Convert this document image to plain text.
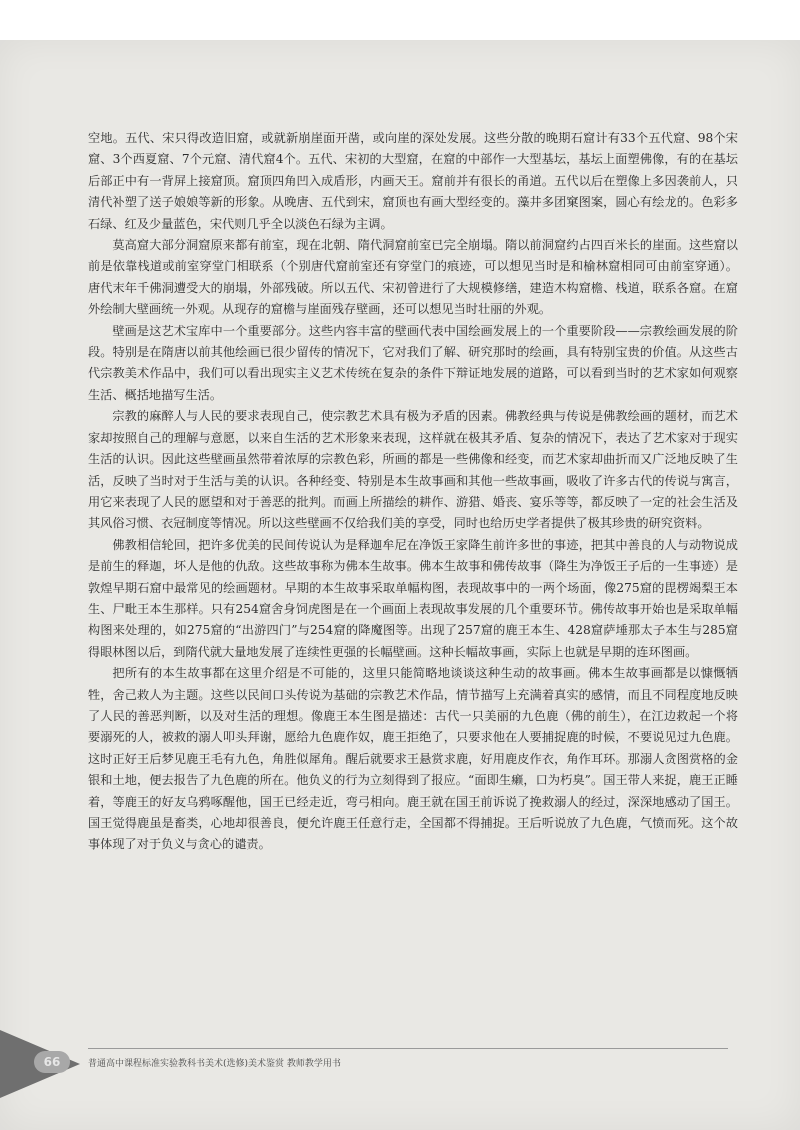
空地。五代、宋只得改造旧窟，或就新崩崖面开凿，或向崖的深处发展。这些分散的晚期石窟计有33个五代窟、98个宋窟、3个西夏窟、7个元窟、清代窟4个。五代、宋初的大型窟，在窟的中部作一大型基坛，基坛上面塑佛像，有的在基坛后部正中有一背屏上接窟顶。窟顶四角凹入成盾形，内画天王。窟前并有很长的甬道。五代以后在塑像上多因袭前人，只清代补塑了送子娘娘等新的形象。从晚唐、五代到宋，窟顶也有画大型经变的。藻井多团窠图案，圆心有绘龙的。色彩多石绿、红及少量蓝色，宋代则几乎全以淡色石绿为主调。

莫高窟大部分洞窟原来都有前室，现在北朝、隋代洞窟前室已完全崩塌。隋以前洞窟约占四百米长的崖面。这些窟以前是依靠栈道或前室穿堂门相联系（个别唐代窟前室还有穿堂门的痕迹，可以想见当时是和榆林窟相同可由前室穿通）。唐代末年千佛洞遭受大的崩塌，外部残破。所以五代、宋初曾进行了大规模修缮，建造木构窟檐、栈道，联系各窟。在窟外绘制大壁画统一外观。从现存的窟檐与崖面残存壁画，还可以想见当时壮丽的外观。

壁画是这艺术宝库中一个重要部分。这些内容丰富的壁画代表中国绘画发展上的一个重要阶段——宗教绘画发展的阶段。特别是在隋唐以前其他绘画已很少留传的情况下，它对我们了解、研究那时的绘画，具有特别宝贵的价值。从这些古代宗教美术作品中，我们可以看出现实主义艺术传统在复杂的条件下辩证地发展的道路，可以看到当时的艺术家如何观察生活、概括地描写生活。

宗教的麻醉人与人民的要求表现自己，使宗教艺术具有极为矛盾的因素。佛教经典与传说是佛教绘画的题材，而艺术家却按照自己的理解与意愿，以来自生活的艺术形象来表现，这样就在极其矛盾、复杂的情况下，表达了艺术家对于现实生活的认识。因此这些壁画虽然带着浓厚的宗教色彩，所画的都是一些佛像和经变，而艺术家却曲折而又广泛地反映了生活，反映了当时对于生活与美的认识。各种经变、特别是本生故事画和其他一些故事画，吸收了许多古代的传说与寓言，用它来表现了人民的愿望和对于善恶的批判。而画上所描绘的耕作、游猎、婚丧、宴乐等等，都反映了一定的社会生活及其风俗习惯、衣冠制度等情况。所以这些壁画不仅给我们美的享受，同时也给历史学者提供了极其珍贵的研究资料。

佛教相信轮回，把许多优美的民间传说认为是释迦牟尼在净饭王家降生前许多世的事迹，把其中善良的人与动物说成是前生的释迦，坏人是他的仇敌。这些故事称为佛本生故事。佛本生故事和佛传故事（降生为净饭王子后的一生事迹）是敦煌早期石窟中最常见的绘画题材。早期的本生故事采取单幅构图，表现故事中的一两个场面，像275窟的毘楞竭梨王本生、尸毗王本生那样。只有254窟舍身饲虎图是在一个画面上表现故事发展的几个重要环节。佛传故事开始也是采取单幅构图来处理的，如275窟的“出游四门”与254窟的降魔图等。出现了257窟的鹿王本生、428窟萨埵那太子本生与285窟得眼林图以后，到隋代就大量地发展了连续性更强的长幅壁画。这种长幅故事画，实际上也就是早期的连环图画。

把所有的本生故事都在这里介绍是不可能的，这里只能简略地谈谈这种生动的故事画。佛本生故事画都是以慷慨牺牲，舍己救人为主题。这些以民间口头传说为基础的宗教艺术作品，情节描写上充满着真实的感情，而且不同程度地反映了人民的善恶判断，以及对生活的理想。像鹿王本生图是描述：古代一只美丽的九色鹿（佛的前生），在江边救起一个将要溺死的人，被救的溺人叩头拜谢，愿给九色鹿作奴，鹿王拒绝了，只要求他在人要捕捉鹿的时候，不要说见过九色鹿。这时正好王后梦见鹿王毛有九色，角胜似犀角。醒后就要求王悬赏求鹿，好用鹿皮作衣，角作耳环。那溺人贪图赏格的金银和土地，便去报告了九色鹿的所在。他负义的行为立刻得到了报应。“面即生癞，口为朽臭”。国王带人来捉，鹿王正睡着，等鹿王的好友乌鸦啄醒他，国王已经走近，弯弓相向。鹿王就在国王前诉说了挽救溺人的经过，深深地感动了国王。国王觉得鹿虽是畜类，心地却很善良，便允许鹿王任意行走，全国都不得捕捉。王后听说放了九色鹿，气愤而死。这个故事体现了对于负义与贪心的谴责。

66	普通高中课程标准实验教科书美术(选修)美术鉴赏 教师教学用书
